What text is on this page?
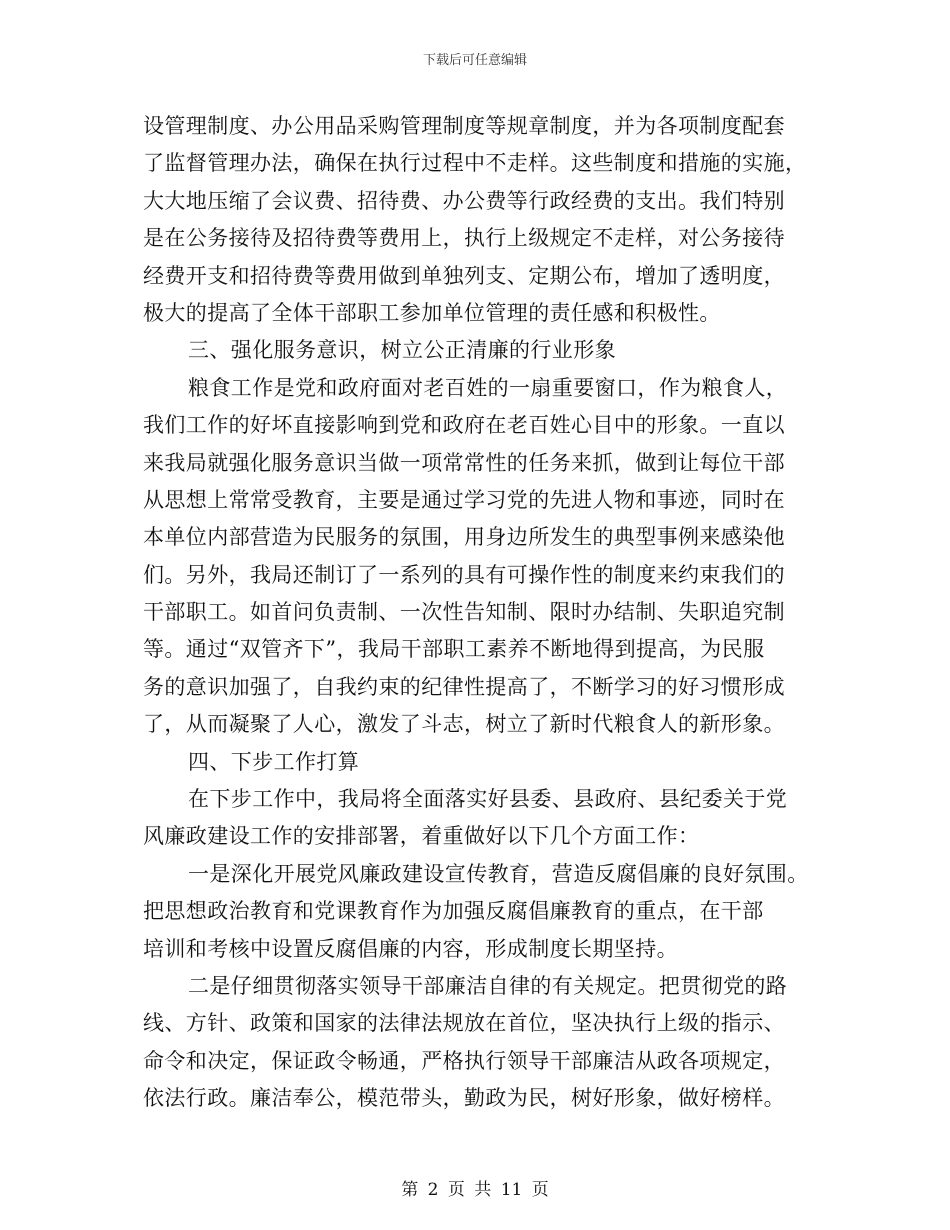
下载后可任意编辑
设管理制度、办公用品采购管理制度等规章制度，并为各项制度配套
了监督管理办法，确保在执行过程中不走样。这些制度和措施的实施，
大大地压缩了会议费、招待费、办公费等行政经费的支出。我们特别
是在公务接待及招待费等费用上，执行上级规定不走样，对公务接待
经费开支和招待费等费用做到单独列支、定期公布，增加了透明度，
极大的提高了全体干部职工参加单位管理的责任感和积极性。
三、强化服务意识，树立公正清廉的行业形象
粮食工作是党和政府面对老百姓的一扇重要窗口，作为粮食人，
我们工作的好坏直接影响到党和政府在老百姓心目中的形象。一直以
来我局就强化服务意识当做一项常常性的任务来抓，做到让每位干部
从思想上常常受教育，主要是通过学习党的先进人物和事迹，同时在
本单位内部营造为民服务的氛围，用身边所发生的典型事例来感染他
们。另外，我局还制订了一系列的具有可操作性的制度来约束我们的
干部职工。如首问负责制、一次性告知制、限时办结制、失职追究制
等。通过“双管齐下”，我局干部职工素养不断地得到提高，为民服
务的意识加强了，自我约束的纪律性提高了，不断学习的好习惯形成
了，从而凝聚了人心，激发了斗志，树立了新时代粮食人的新形象。
四、下步工作打算
在下步工作中，我局将全面落实好县委、县政府、县纪委关于党
风廉政建设工作的安排部署，着重做好以下几个方面工作：
一是深化开展党风廉政建设宣传教育，营造反腐倡廉的良好氛围。
把思想政治教育和党课教育作为加强反腐倡廉教育的重点，在干部
培训和考核中设置反腐倡廉的内容，形成制度长期坚持。
二是仔细贯彻落实领导干部廉洁自律的有关规定。把贯彻党的路
线、方针、政策和国家的法律法规放在首位，坚决执行上级的指示、
命令和决定，保证政令畅通，严格执行领导干部廉洁从政各项规定，
依法行政。廉洁奉公，模范带头，勤政为民，树好形象，做好榜样。
第 2 页 共 11 页
